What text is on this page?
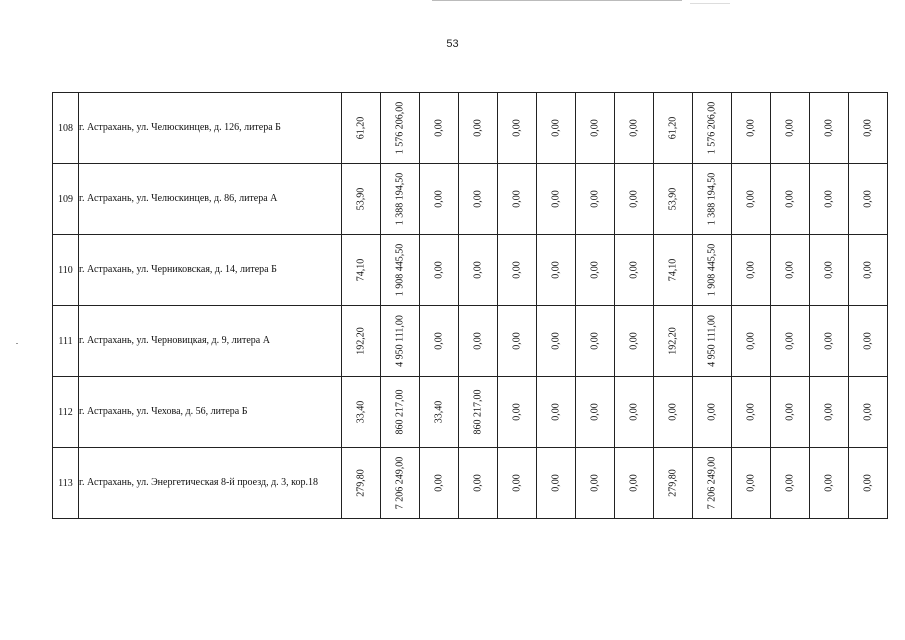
53
108	г. Астрахань, ул. Челюскинцев, д. 126, литера Б	61,20	1 576 206,00	0,00	0,00	0,00	0,00	0,00	0,00	61,20	1 576 206,00	0,00	0,00	0,00	0,00

109	г. Астрахань, ул. Челюскинцев, д. 86, литера А	53,90	1 388 194,50	0,00	0,00	0,00	0,00	0,00	0,00	53,90	1 388 194,50	0,00	0,00	0,00	0,00

110	г. Астрахань, ул. Черниковская, д. 14, литера Б	74,10	1 908 445,50	0,00	0,00	0,00	0,00	0,00	0,00	74,10	1 908 445,50	0,00	0,00	0,00	0,00

111	г. Астрахань, ул. Черновицкая, д. 9, литера А	192,20	4 950 111,00	0,00	0,00	0,00	0,00	0,00	0,00	192,20	4 950 111,00	0,00	0,00	0,00	0,00

112	г. Астрахань, ул. Чехова, д. 56, литера Б	33,40	860 217,00	33,40	860 217,00	0,00	0,00	0,00	0,00	0,00	0,00	0,00	0,00	0,00	0,00

113	г. Астрахань, ул. Энергетическая 8-й проезд, д. 3, кор.18	279,80	7 206 249,00	0,00	0,00	0,00	0,00	0,00	0,00	279,80	7 206 249,00	0,00	0,00	0,00	0,00
